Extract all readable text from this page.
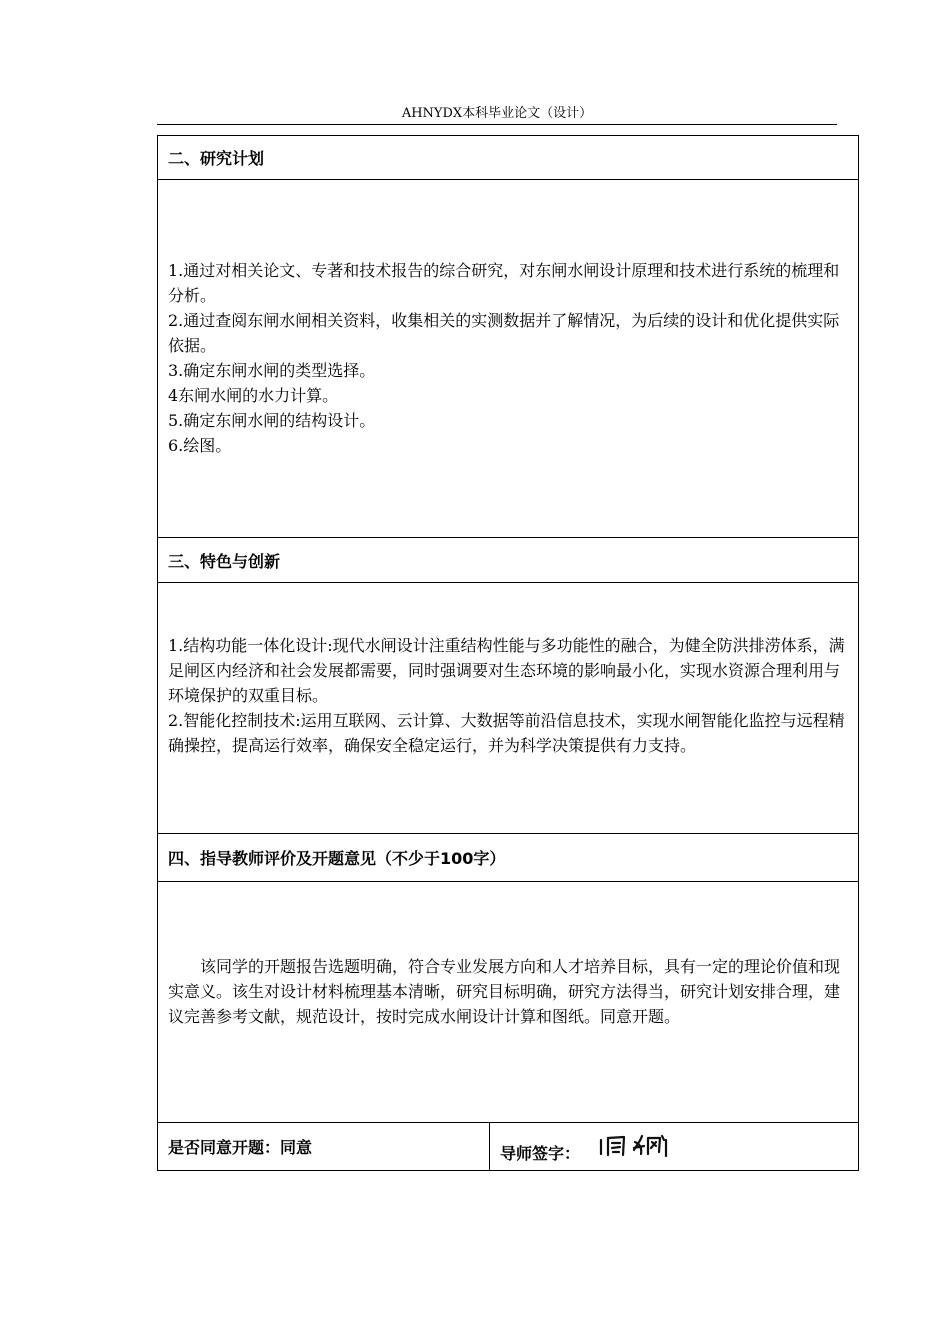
AHNYDX本科毕业论文（设计）
二、研究计划

1.通过对相关论文、专著和技术报告的综合研究，对东闸水闸设计原理和技术进行系统的梳理和分析。

2.通过查阅东闸水闸相关资料，收集相关的实测数据并了解情况，为后续的设计和优化提供实际依据。

3.确定东闸水闸的类型选择。

4东闸水闸的水力计算。

5.确定东闸水闸的结构设计。

6.绘图。

三、特色与创新

1.结构功能一体化设计:现代水闸设计注重结构性能与多功能性的融合，为健全防洪排涝体系，满足闸区内经济和社会发展都需要，同时强调要对生态环境的影响最小化，实现水资源合理利用与环境保护的双重目标。

2.智能化控制技术:运用互联网、云计算、大数据等前沿信息技术，实现水闸智能化监控与远程精确操控，提高运行效率，确保安全稳定运行，并为科学决策提供有力支持。

四、指导教师评价及开题意见（不少于100字）

该同学的开题报告选题明确，符合专业发展方向和人才培养目标，具有一定的理论价值和现实意义。该生对设计材料梳理基本清晰，研究目标明确，研究方法得当，研究计划安排合理，建议完善参考文献，规范设计，按时完成水闸设计计算和图纸。同意开题。

是否同意开题：同意	导师签字：
